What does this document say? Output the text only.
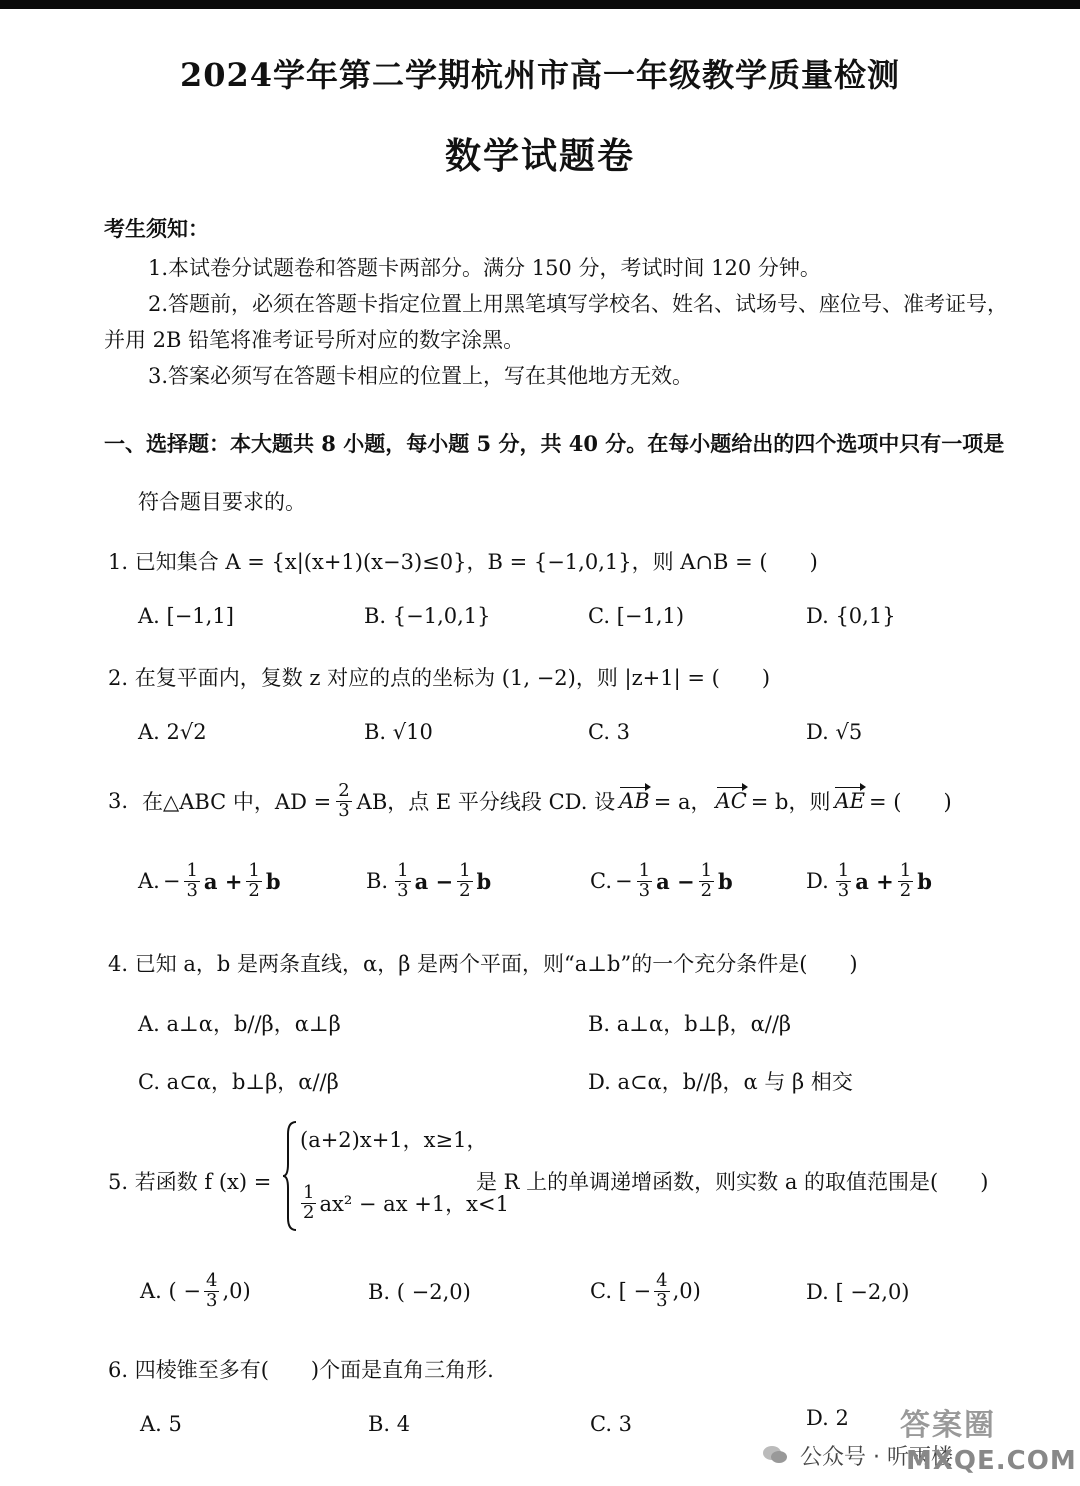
2024学年第二学期杭州市高一年级教学质量检测
数学试题卷
考生须知：
1.本试卷分试题卷和答题卡两部分。满分 150 分，考试时间 120 分钟。
2.答题前，必须在答题卡指定位置上用黑笔填写学校名、姓名、试场号、座位号、准考证号，
并用 2B 铅笔将准考证号所对应的数字涂黑。
3.答案必须写在答题卡相应的位置上，写在其他地方无效。
一、选择题：本大题共 8 小题，每小题 5 分，共 40 分。在每小题给出的四个选项中只有一项是
符合题目要求的。
1. 已知集合 A = {x|(x+1)(x−3)≤0}，B = {−1,0,1}，则 A∩B = (　　)
A. [−1,1]	B. {−1,0,1}	C. [−1,1)	D. {0,1}
2. 在复平面内，复数 z 对应的点的坐标为 (1, −2)，则 |z+1| = (　　)
A. 2√2	B. √10	C. 3	D. √5
3. 在△ABC 中，AD = $\frac{2}{3}$ AB，点 E 平分线段 CD. 设 AB = a， AC = b，则 AE = (　　)
A. − $\frac{1}{3}$ $a + \frac{1}{2}$ b	B. $\frac{1}{3}$ $a - \frac{1}{2}$ b	C. − $\frac{1}{3}$ $a - \frac{1}{2}$ b	D. $\frac{1}{3}$ $a + \frac{1}{2}$ b
4. 已知 a，b 是两条直线，α，β 是两个平面，则“a⊥b”的一个充分条件是(　　)
A. a⊥α，b//β，α⊥β	B. a⊥α，b⊥β，α//β
C. a⊂α，b⊥β，α//β	D. a⊂α，b//β，α 与 β 相交
5. 若函数 f (x) =
(a+2)x+1，x≥1，
$\frac{1}{2} ax^2$ − ax +1，x<1
是 R 上的单调递增函数，则实数 a 的取值范围是(　　)
A. ( − $\frac{4}{3} ,0$)	B. ( −2,0)	C. [ − $\frac{4}{3} ,0$)	D. [ −2,0)
6. 四棱锥至多有(　　)个面是直角三角形.
A. 5	B. 4	C. 3	D. 2
公众号 · 听雨楼
答案圈
MXQE.COM
